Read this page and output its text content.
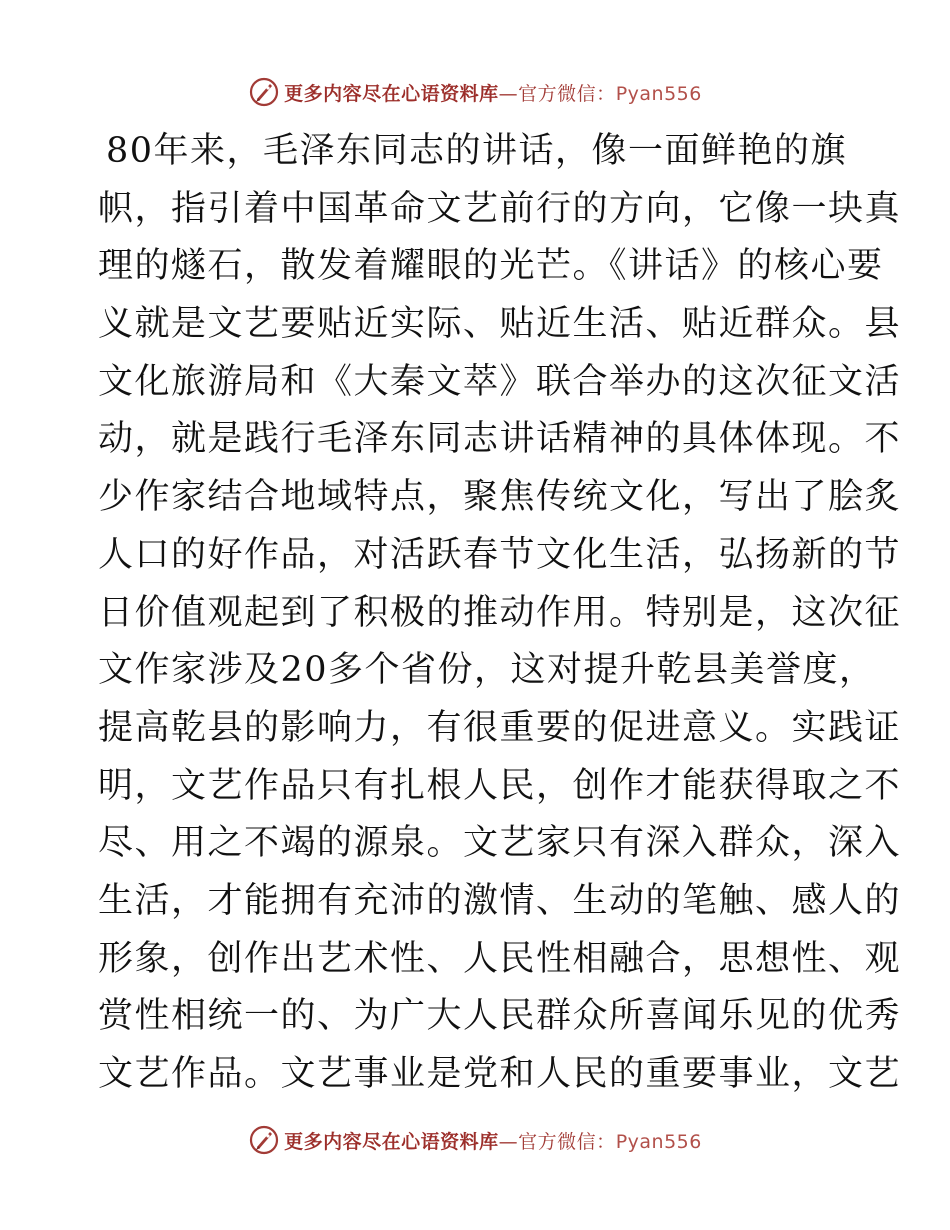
更多内容尽在心语资料库—官方微信：Pyan556
80年来，毛泽东同志的讲话，像一面鲜艳的旗
帜，指引着中国革命文艺前行的方向，它像一块真
理的燧石，散发着耀眼的光芒。《讲话》的核心要
义就是文艺要贴近实际、贴近生活、贴近群众。县
文化旅游局和《大秦文萃》联合举办的这次征文活
动，就是践行毛泽东同志讲话精神的具体体现。不
少作家结合地域特点，聚焦传统文化，写出了脍炙
人口的好作品，对活跃春节文化生活，弘扬新的节
日价值观起到了积极的推动作用。特别是，这次征
文作家涉及20多个省份，这对提升乾县美誉度，
提高乾县的影响力，有很重要的促进意义。实践证
明，文艺作品只有扎根人民，创作才能获得取之不
尽、用之不竭的源泉。文艺家只有深入群众，深入
生活，才能拥有充沛的激情、生动的笔触、感人的
形象，创作出艺术性、人民性相融合，思想性、观
赏性相统一的、为广大人民群众所喜闻乐见的优秀
文艺作品。文艺事业是党和人民的重要事业，文艺
更多内容尽在心语资料库—官方微信：Pyan556
